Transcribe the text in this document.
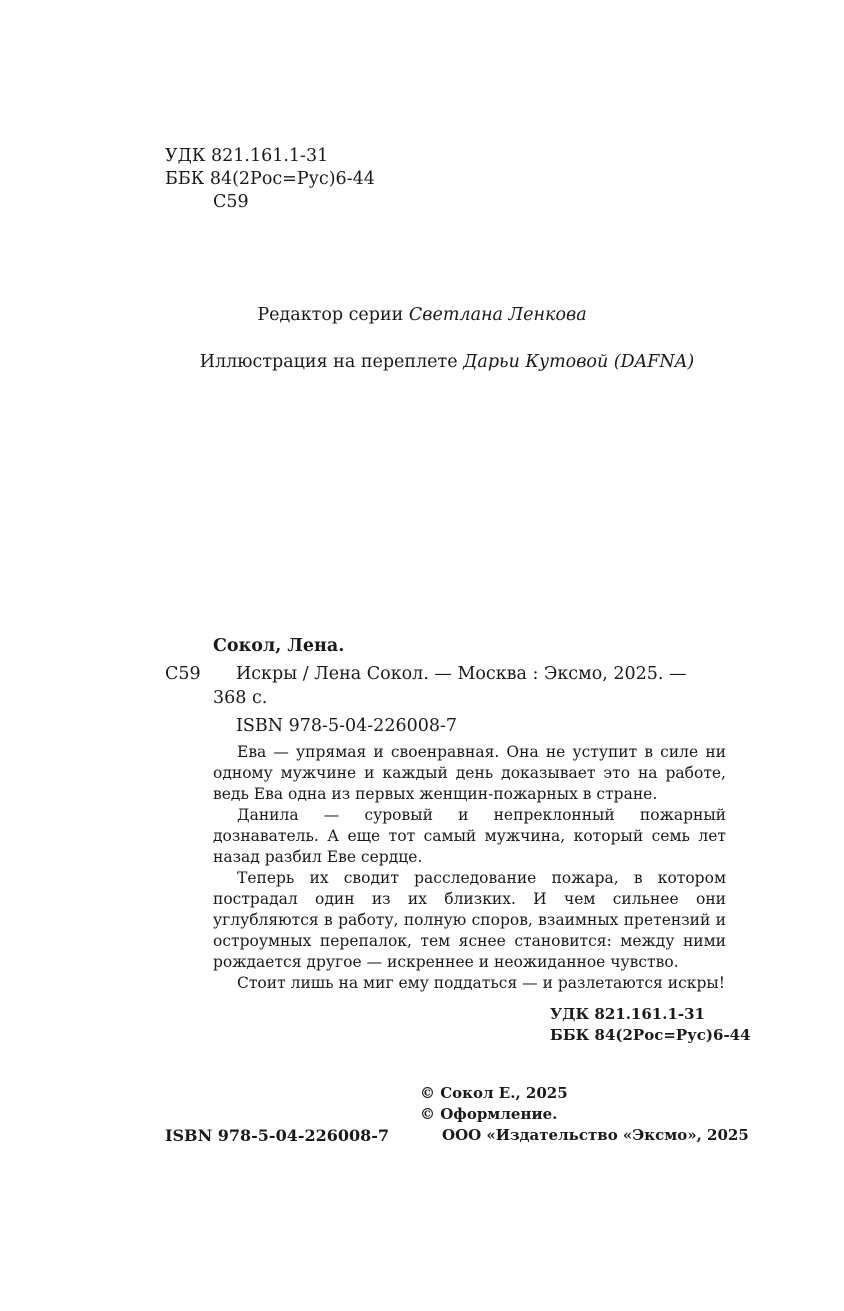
УДК 821.161.1-31
ББК 84(2Рос=Рус)6-44
С59
Редактор серии Светлана Ленкова
Иллюстрация на переплете Дарьи Кутовой (DAFNA)
Сокол, Лена.
С59 Искры / Лена Сокол. — Москва : Эксмо, 2025. —
368 с.
ISBN 978-5-04-226008-7

Ева — упрямая и своенравная. Она не уступит в силе ни одному мужчине и каждый день доказывает это на работе, ведь Ева одна из первых женщин-пожарных в стране.

Данила — суровый и непреклонный пожарный дознаватель. А еще тот самый мужчина, который семь лет назад разбил Еве сердце.

Теперь их сводит расследование пожара, в котором пострадал один из их близких. И чем сильнее они углубляются в работу, полную споров, взаимных претензий и остроумных перепалок, тем яснее становится: между ними рождается другое — искреннее и неожиданное чувство.

Стоит лишь на миг ему поддаться — и разлетаются искры!

УДК 821.161.1-31
ББК 84(2Рос=Рус)6-44
ISBN 978-5-04-226008-7
© Сокол Е., 2025
© Оформление.
ООО «Издательство «Эксмо», 2025
